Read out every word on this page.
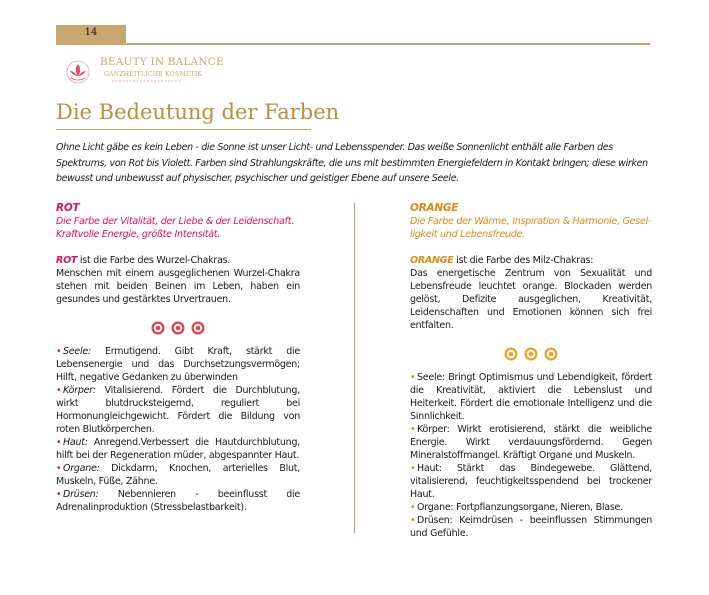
14
BEAUTY IN BALANCE
GANZHEITLICHE KOSMETIK
Die Bedeutung der Farben
Ohne Licht gäbe es kein Leben - die Sonne ist unser Licht- und Lebensspender. Das weiße Sonnenlicht enthält alle Farben des Spektrums, von Rot bis Violett. Farben sind Strahlungskräfte, die uns mit bestimmten Energiefeldern in Kontakt bringen; diese wirken bewusst und unbewusst auf physischer, psychischer und geistiger Ebene auf unsere Seele.
ROT
Die Farbe der Vitalität, der Liebe & der Leidenschaft.
Kraftvolle Energie, größte Intensität.
ROT ist die Farbe des Wurzel-Chakras.
Menschen mit einem ausgeglichenen Wurzel-Chakra stehen mit beiden Beinen im Leben, haben ein gesundes und gestärktes Urvertrauen.
• Seele: Ermutigend. Gibt Kraft, stärkt die Lebensenergie und das Durchsetzungsvermögen; Hilft, negative Gedanken zu überwinden
• Körper: Vitalisierend. Fördert die Durchblutung, wirkt blutdrucksteigernd, reguliert bei Hormonungleichgewicht. Fördert die Bildung von roten Blutkörperchen.
• Haut: Anregend.Verbessert die Hautdurchblutung, hilft bei der Regeneration müder, abgespannter Haut.
• Organe: Dickdarm, Knochen, arterielles Blut, Muskeln, Füße, Zähne.
• Drüsen: Nebennieren - beeinflusst die Adrenalinproduktion (Stressbelastbarkeit).
ORANGE
Die Farbe der Wärme, Inspiration & Harmonie, Gesel-
ligkeit und Lebensfreude.
ORANGE ist die Farbe des Milz-Chakras:
Das energetische Zentrum von Sexualität und Lebensfreude leuchtet orange. Blockaden werden gelöst, Defizite ausgeglichen, Kreativität, Leidenschaften und Emotionen können sich frei entfalten.
• Seele: Bringt Optimismus und Lebendigkeit, fördert die Kreativität, aktiviert die Lebenslust und Heiterkeit. Fördert die emotionale Intelligenz und die Sinnlichkeit.
• Körper: Wirkt erotisierend, stärkt die weibliche Energie. Wirkt verdauungsfördernd. Gegen Mineralstoffmangel. Kräftigt Organe und Muskeln.
• Haut: Stärkt das Bindegewebe. Glättend, vitalisierend, feuchtigkeitsspendend bei trockener Haut.
• Organe: Fortpflanzungsorgane, Nieren, Blase.
• Drüsen: Keimdrüsen - beeinflussen Stimmungen und Gefühle.
